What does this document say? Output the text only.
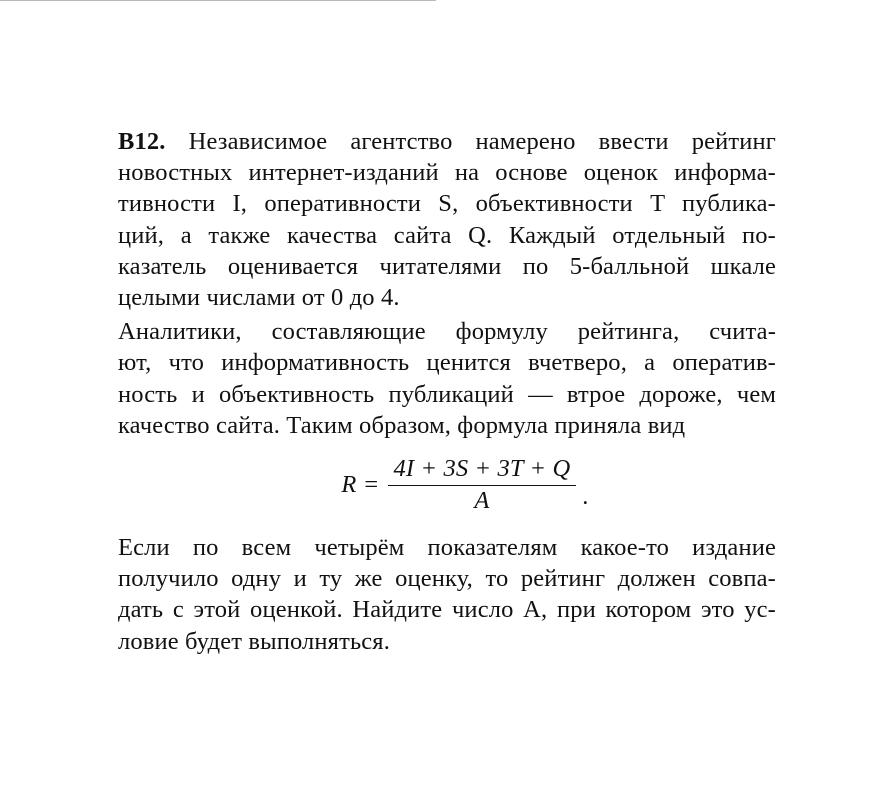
B12. Независимое агентство намерено ввести рейтинг
новостных интернет-изданий на основе оценок информа-
тивности I, оперативности S, объективности T публика-
ций, а также качества сайта Q. Каждый отдельный по-
казатель оценивается читателями по 5-балльной шкале
целыми числами от 0 до 4.
Аналитики, составляющие формулу рейтинга, счита-
ют, что информативность ценится вчетверо, а оператив-
ность и объективность публикаций — втрое дороже, чем
качество сайта. Таким образом, формула приняла вид
$R = \frac{4I + 3S + 3T + Q}{A}$ .
Если по всем четырём показателям какое-то издание
получило одну и ту же оценку, то рейтинг должен совпа-
дать с этой оценкой. Найдите число A, при котором это ус-
ловие будет выполняться.
